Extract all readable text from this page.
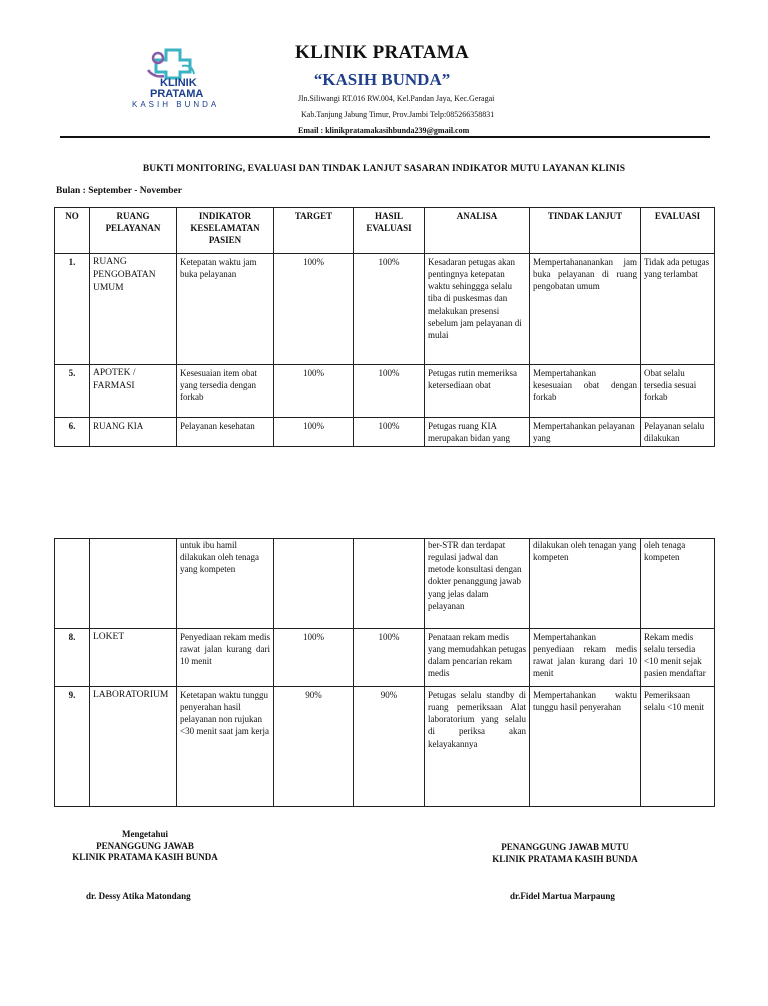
KLINIK
PRATAMA
KASIH BUNDA
KLINIK PRATAMA
“KASIH BUNDA”
Jln.Siliwangi RT.016 RW.004, Kel.Pandan Jaya, Kec.Geragai
Kab.Tanjung Jabung Timur, Prov.Jambi Telp:085266358831
Email : klinikpratamakasihbunda239@gmail.com
BUKTI MONITORING, EVALUASI DAN TINDAK LANJUT SASARAN INDIKATOR MUTU LAYANAN KLINIS
Bulan : September - November
NO	RUANG PELAYANAN	INDIKATOR KESELAMATAN PASIEN	TARGET	HASIL EVALUASI	ANALISA	TINDAK LANJUT	EVALUASI
1.	RUANG PENGOBATAN UMUM	Ketepatan waktu jam buka pelayanan	100%	100%	Kesadaran petugas akan pentingnya ketepatan waktu sehinggga selalu tiba di puskesmas dan melakukan presensi sebelum jam pelayanan di mulai	Mempertahananankan jam buka pelayanan di ruang pengobatan umum	Tidak ada petugas yang terlambat
5.	APOTEK / FARMASI	Kesesuaian item obat yang tersedia dengan forkab	100%	100%	Petugas rutin memeriksa ketersediaan obat	Mempertahankan kesesuaian obat dengan forkab	Obat selalu tersedia sesuai forkab
6.	RUANG KIA	Pelayanan kesehatan	100%	100%	Petugas ruang KIA merupakan bidan yang	Mempertahankan pelayanan yang	Pelayanan selalu dilakukan
		untuk ibu hamil dilakukan oleh tenaga yang kompeten			ber-STR dan terdapat regulasi jadwal dan metode konsultasi dengan dokter penanggung jawab yang jelas dalam pelayanan	dilakukan oleh tenagan yang kompeten	oleh tenaga kompeten
8.	LOKET	Penyediaan rekam medis rawat jalan kurang dari 10 menit	100%	100%	Penataan rekam medis yang memudahkan petugas dalam pencarian rekam medis	Mempertahankan penyediaan rekam medis rawat jalan kurang dari 10 menit	Rekam medis selalu tersedia <10 menit sejak pasien mendaftar
9.	LABORATORIUM	Ketetapan waktu tunggu penyerahan hasil pelayanan non rujukan <30 menit saat jam kerja	90%	90%	Petugas selalu standby di ruang pemeriksaan Alat laboratorium yang selalu di periksa akan kelayakannya	Mempertahankan waktu tunggu hasil penyerahan	Pemeriksaan selalu <10 menit
Mengetahui
PENANGGUNG JAWAB
KLINIK PRATAMA KASIH BUNDA
PENANGGUNG JAWAB MUTU
KLINIK PRATAMA KASIH BUNDA
dr. Dessy Atika Matondang	dr.Fidel Martua Marpaung
